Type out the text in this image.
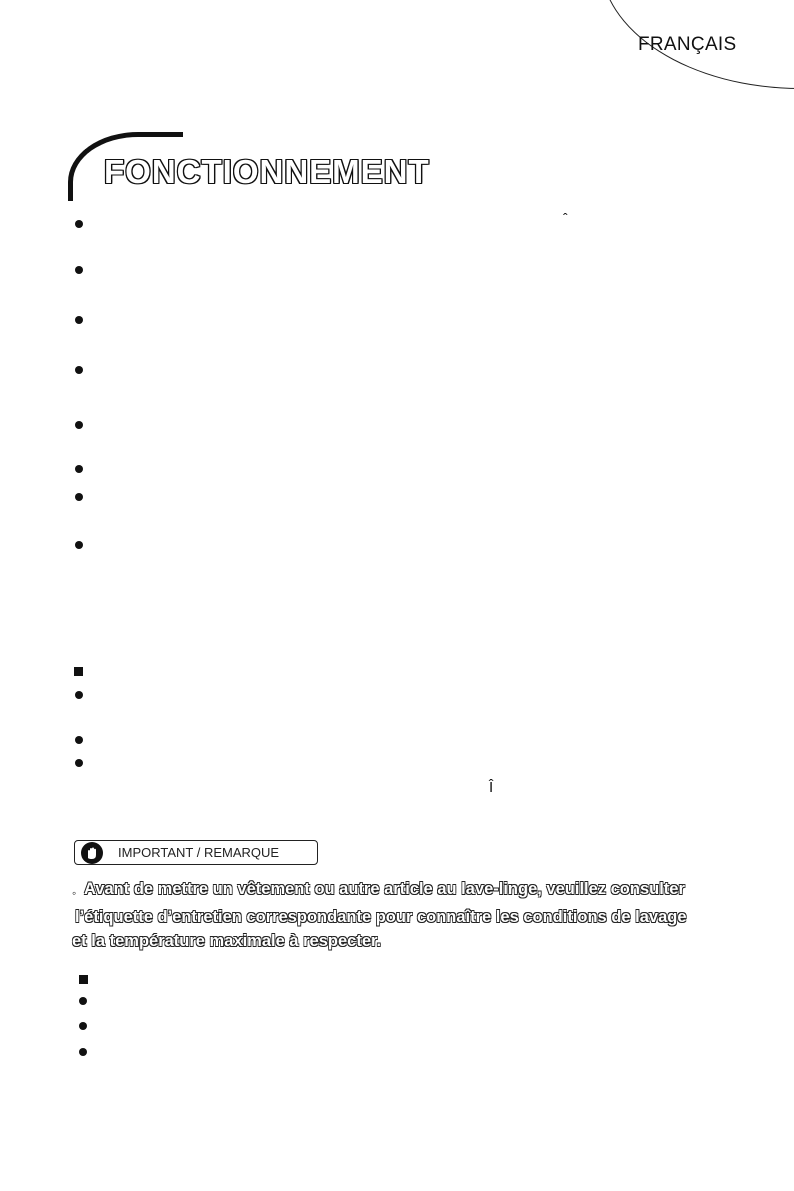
FRANÇAIS
FONCTIONNEMENT
ˆ
Î
IMPORTANT / REMARQUE
◦ Avant de mettre un vêtement ou autre article au lave-linge, veuillez consulter
l’étiquette d’entretien correspondante pour connaître les conditions de lavage
et la température maximale à respecter.
